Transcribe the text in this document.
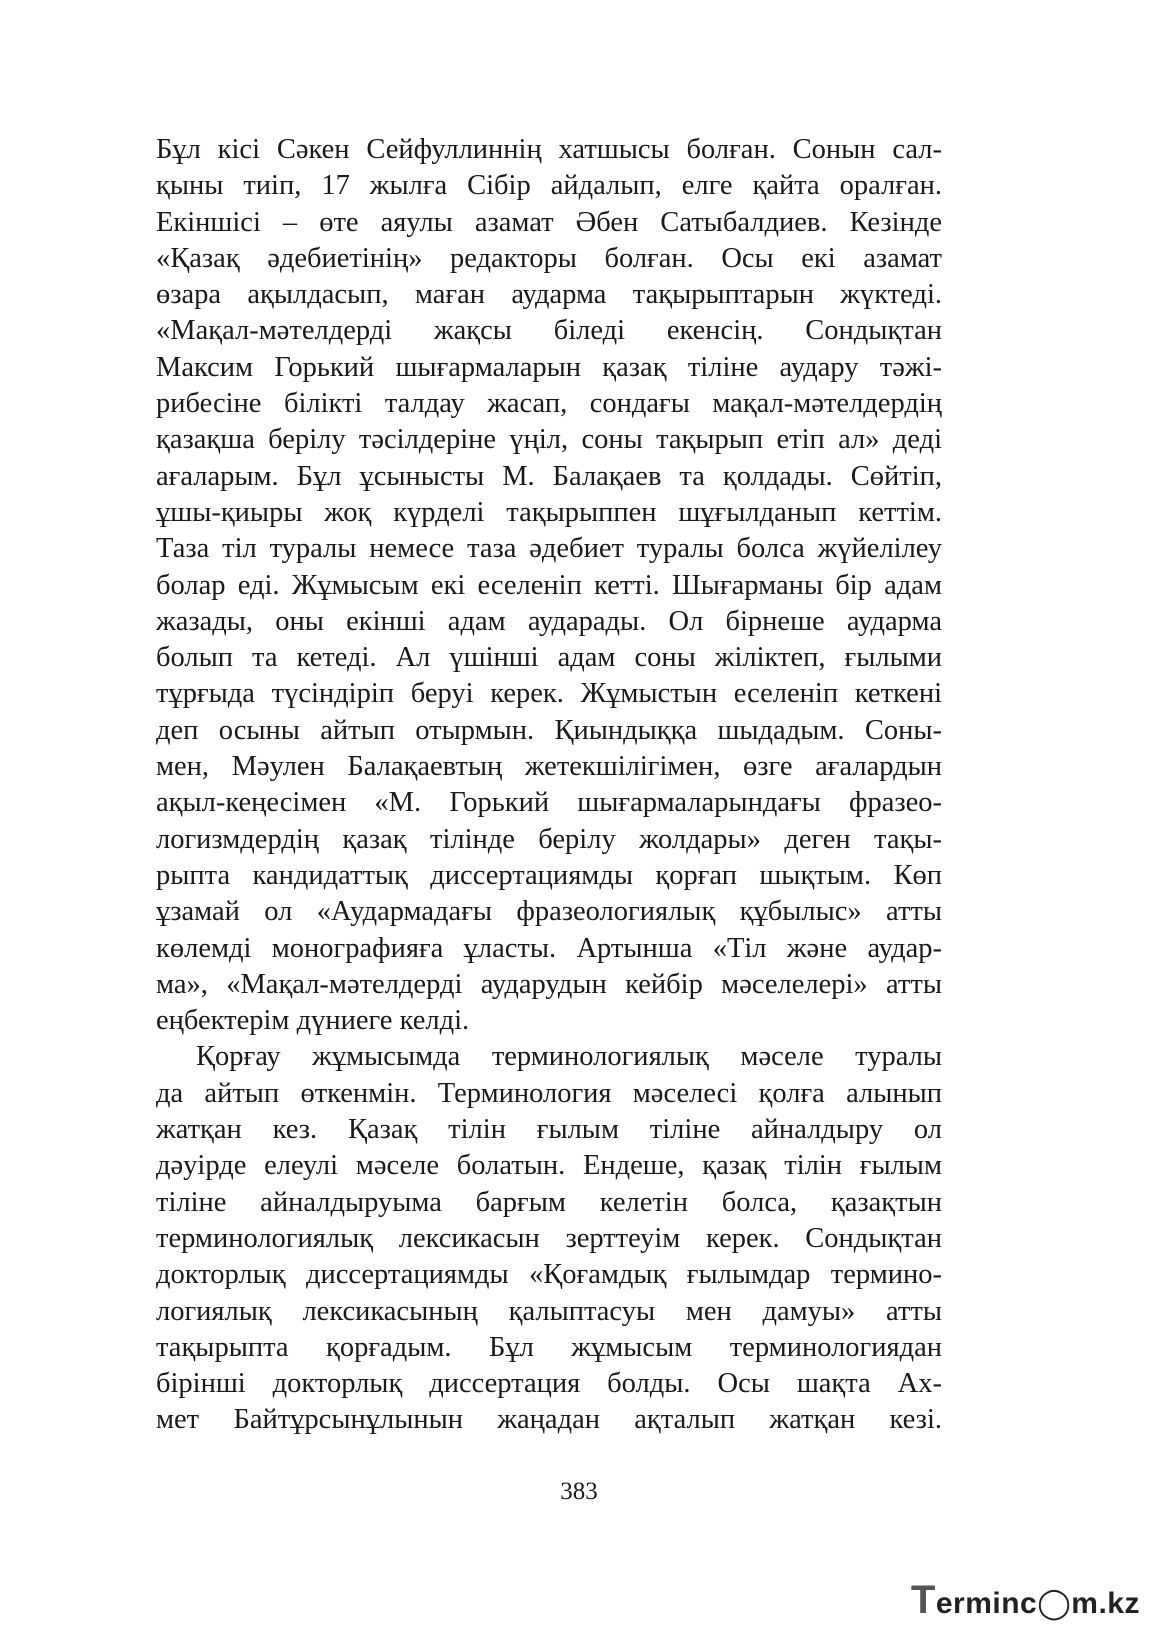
Бұл кісі Сәкен Сейфуллиннің хатшысы болған. Сонын сал-
қыны тиіп, 17 жылға Сібір айдалып, елге қайта оралған.
Екіншісі – өте аяулы азамат Әбен Сатыбалдиев. Кезінде
«Қазақ әдебиетінің» редакторы болған. Осы екі азамат
өзара ақылдасып, маған аударма тақырыптарын жүктеді.
«Мақал-мәтелдерді жақсы біледі екенсің. Сондықтан
Максим Горький шығармаларын қазақ тіліне аудару тәжі-
рибесіне білікті талдау жасап, сондағы мақал-мәтелдердің
қазақша берілу тәсілдеріне үңіл, соны тақырып етіп ал» деді
ағаларым. Бұл ұсынысты М. Балақаев та қолдады. Сөйтіп,
ұшы-қиыры жоқ күрделі тақырыппен шұғылданып кеттім.
Таза тіл туралы немесе таза әдебиет туралы болса жүйелілеу
болар еді. Жұмысым екі еселеніп кетті. Шығарманы бір адам
жазады, оны екінші адам аударады. Ол бірнеше аударма
болып та кетеді. Ал үшінші адам соны жіліктеп, ғылыми
тұрғыда түсіндіріп беруі керек. Жұмыстын еселеніп кеткені
деп осыны айтып отырмын. Қиындыққа шыдадым. Соны-
мен, Мәулен Балақаевтың жетекшілігімен, өзге ағалардын
ақыл-кеңесімен «М. Горький шығармаларындағы фразео-
логизмдердің қазақ тілінде берілу жолдары» деген тақы-
рыпта кандидаттық диссертациямды қорғап шықтым. Көп
ұзамай ол «Аудармадағы фразеологиялық құбылыс» атты
көлемді монографияға ұласты. Артынша «Тіл және аудар-
ма», «Мақал-мәтелдерді аударудын кейбір мәселелері» атты
еңбектерім дүниеге келді.
Қорғау жұмысымда терминологиялық мәселе туралы
да айтып өткенмін. Терминология мәселесі қолға алынып
жатқан кез. Қазақ тілін ғылым тіліне айналдыру ол
дәуірде елеулі мәселе болатын. Ендеше, қазақ тілін ғылым
тіліне айналдыруыма барғым келетін болса, қазақтын
терминологиялық лексикасын зерттеуім керек. Сондықтан
докторлық диссертациямды «Қоғамдық ғылымдар термино-
логиялық лексикасының қалыптасуы мен дамуы» атты
тақырыпта қорғадым. Бұл жұмысым терминологиядан
бірінші докторлық диссертация болды. Осы шақта Ах-
мет Байтұрсынұлынын жаңадан ақталып жатқан кезі.
383
Terminc◯m.kz
